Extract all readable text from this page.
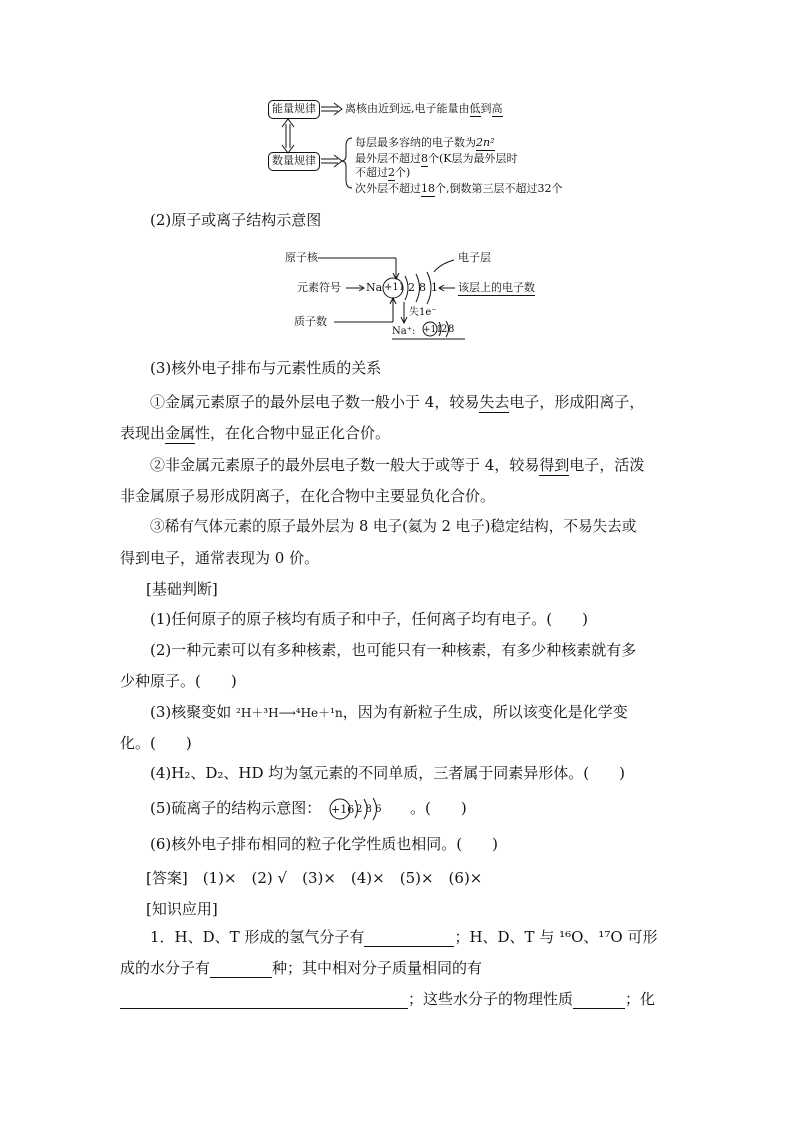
能量规律	离核由近到远,电子能量由低到高
数量规律
每层最多容纳的电子数为2n²
最外层不超过8个(K层为最外层时
不超过2个)
次外层不超过18个,倒数第三层不超过32个
(2)原子或离子结构示意图
原子核
元素符号 Na +11 2 8 1
电子层
该层上的电子数
质子数
失1e⁻
Na⁺: +11 2 8
(3)核外电子排布与元素性质的关系
①金属元素原子的最外层电子数一般小于 4，较易失去电子，形成阳离子，
表现出金属性，在化合物中显正化合价。
②非金属元素原子的最外层电子数一般大于或等于 4，较易得到电子，活泼
非金属原子易形成阴离子，在化合物中主要显负化合价。
③稀有气体元素的原子最外层为 8 电子(氦为 2 电子)稳定结构，不易失去或
得到电子，通常表现为 0 价。
[基础判断]
(1)任何原子的原子核均有质子和中子，任何离子均有电子。(　　)
(2)一种元素可以有多种核素，也可能只有一种核素，有多少种核素就有多
少种原子。(　　)
(3)核聚变如 ²H＋³H⟶⁴He＋¹n，因为有新粒子生成，所以该变化是化学变
化。(　　)
(4)H₂、D₂、HD 均为氢元素的不同单质，三者属于同素异形体。(　　)
(5)硫离子的结构示意图： +16 2 8 6 。(　　)
(6)核外电子排布相同的粒子化学性质也相同。(　　)
[答案]　(1)×　(2) √　(3)×　(4)×　(5)×　(6)×
[知识应用]
1．H、D、T 形成的氢气分子有	；H、D、T 与 ¹⁶O、¹⁷O 可形
成的水分子有	种；其中相对分子质量相同的有
；这些水分子的物理性质	；化
